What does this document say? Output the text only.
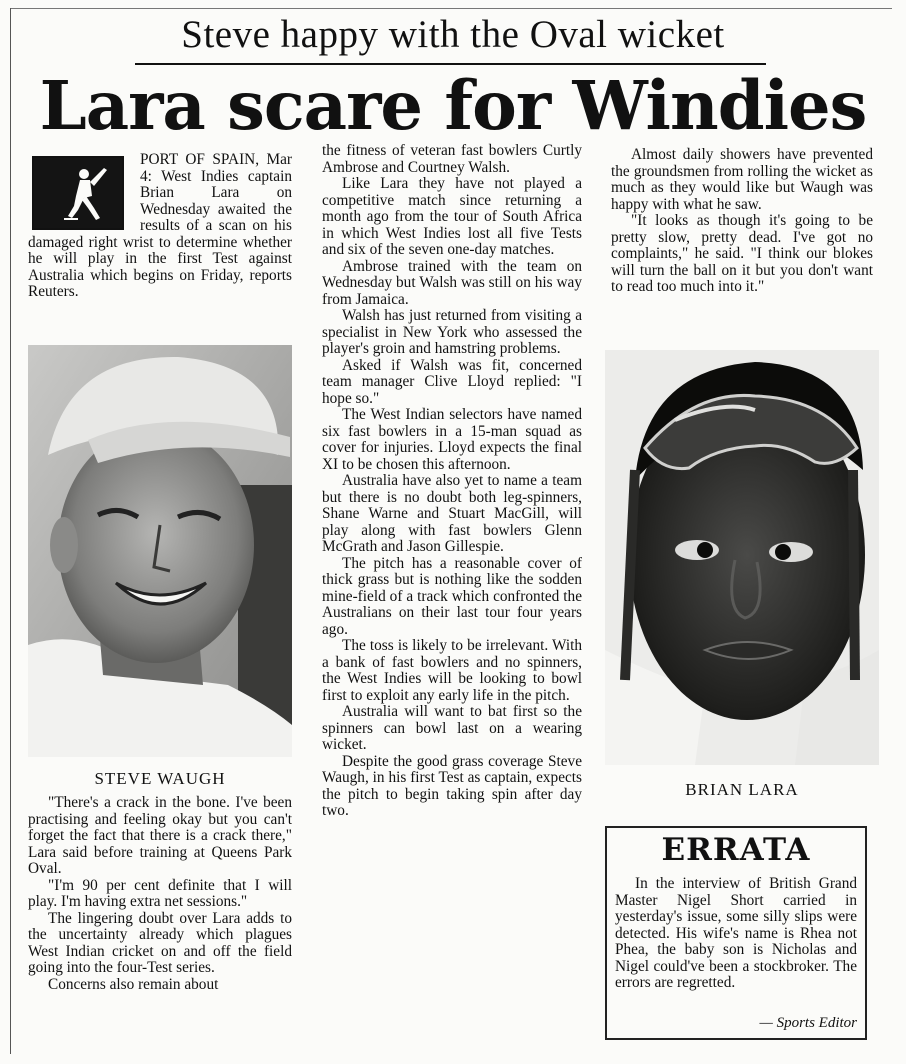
Steve happy with the Oval wicket
Lara scare for Windies

PORT OF SPAIN, Mar 4: West Indies captain Brian Lara on Wednesday awaited the results of a scan on his damaged right wrist to determine whether he will play in the first Test against Australia which begins on Friday, reports Reuters.

STEVE WAUGH

"There's a crack in the bone. I've been practising and feeling okay but you can't forget the fact that there is a crack there," Lara said before training at Queens Park Oval.

"I'm 90 per cent definite that I will play. I'm having extra net sessions."

The lingering doubt over Lara adds to the uncertainty already which plagues West Indian cricket on and off the field going into the four-Test series.

Concerns also remain about

the fitness of veteran fast bowlers Curtly Ambrose and Courtney Walsh.

Like Lara they have not played a competitive match since returning a month ago from the tour of South Africa in which West Indies lost all five Tests and six of the seven one-day matches.

Ambrose trained with the team on Wednesday but Walsh was still on his way from Jamaica.

Walsh has just returned from visiting a specialist in New York who assessed the player's groin and hamstring problems.

Asked if Walsh was fit, concerned team manager Clive Lloyd replied: "I hope so."

The West Indian selectors have named six fast bowlers in a 15-man squad as cover for injuries. Lloyd expects the final XI to be chosen this afternoon.

Australia have also yet to name a team but there is no doubt both leg-spinners, Shane Warne and Stuart MacGill, will play along with fast bowlers Glenn McGrath and Jason Gillespie.

The pitch has a reasonable cover of thick grass but is nothing like the sodden mine-field of a track which confronted the Australians on their last tour four years ago.

The toss is likely to be irrelevant. With a bank of fast bowlers and no spinners, the West Indies will be looking to bowl first to exploit any early life in the pitch.

Australia will want to bat first so the spinners can bowl last on a wearing wicket.

Despite the good grass coverage Steve Waugh, in his first Test as captain, expects the pitch to begin taking spin after day two.

Almost daily showers have prevented the groundsmen from rolling the wicket as much as they would like but Waugh was happy with what he saw.

"It looks as though it's going to be pretty slow, pretty dead. I've got no complaints," he said. "I think our blokes will turn the ball on it but you don't want to read too much into it."

BRIAN LARA
ERRATA

In the interview of British Grand Master Nigel Short carried in yesterday's issue, some silly slips were detected. His wife's name is Rhea not Phea, the baby son is Nicholas and Nigel could've been a stockbroker. The errors are regretted.

— Sports Editor
